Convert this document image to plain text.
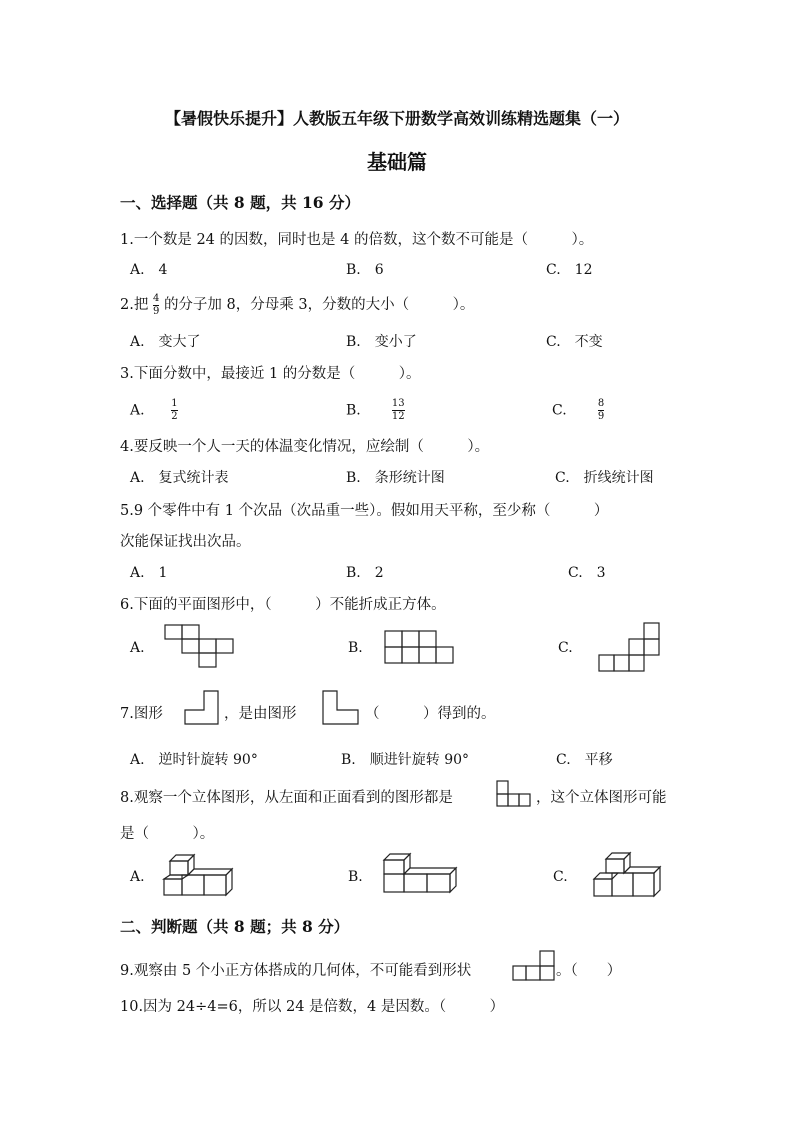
【暑假快乐提升】人教版五年级下册数学高效训练精选题集（一）
基础篇
一、选择题（共 8 题，共 16 分）
1.一个数是 24 的因数，同时也是 4 的倍数，这个数不可能是（　　　）。
A.　4	B.　6	C.　12
2.把 $\frac{4}{9}$ 的分子加 8，分母乘 3，分数的大小（　　　）。
A.　变大了	B.　变小了	C.　不变
3.下面分数中，最接近 1 的分数是（　　　）。
A.	$\frac{1}{2}$	B.	$\frac{13}{12}$	C.	$\frac{8}{9}$
4.要反映一个人一天的体温变化情况，应绘制（　　　）。
A.　复式统计表	B.　条形统计图	C.　折线统计图
5.9 个零件中有 1 个次品（次品重一些）。假如用天平称，至少称（　　　）
次能保证找出次品。
A.　1	B.　2	C.　3
6.下面的平面图形中，（　　　）不能折成正方体。
A.	B.	C.
7.图形	，是由图形	（　　　）得到的。
A.　逆时针旋转 90°	B.　顺进针旋转 90°	C.　平移
8.观察一个立体图形，从左面和正面看到的图形都是	，这个立体图形可能
是（　　　）。
A.	B.	C.
二、判断题（共 8 题；共 8 分）
9.观察由 5 个小正方体搭成的几何体，不可能看到形状	。（　　）
10.因为 24÷4=6，所以 24 是倍数，4 是因数。（　　　）
